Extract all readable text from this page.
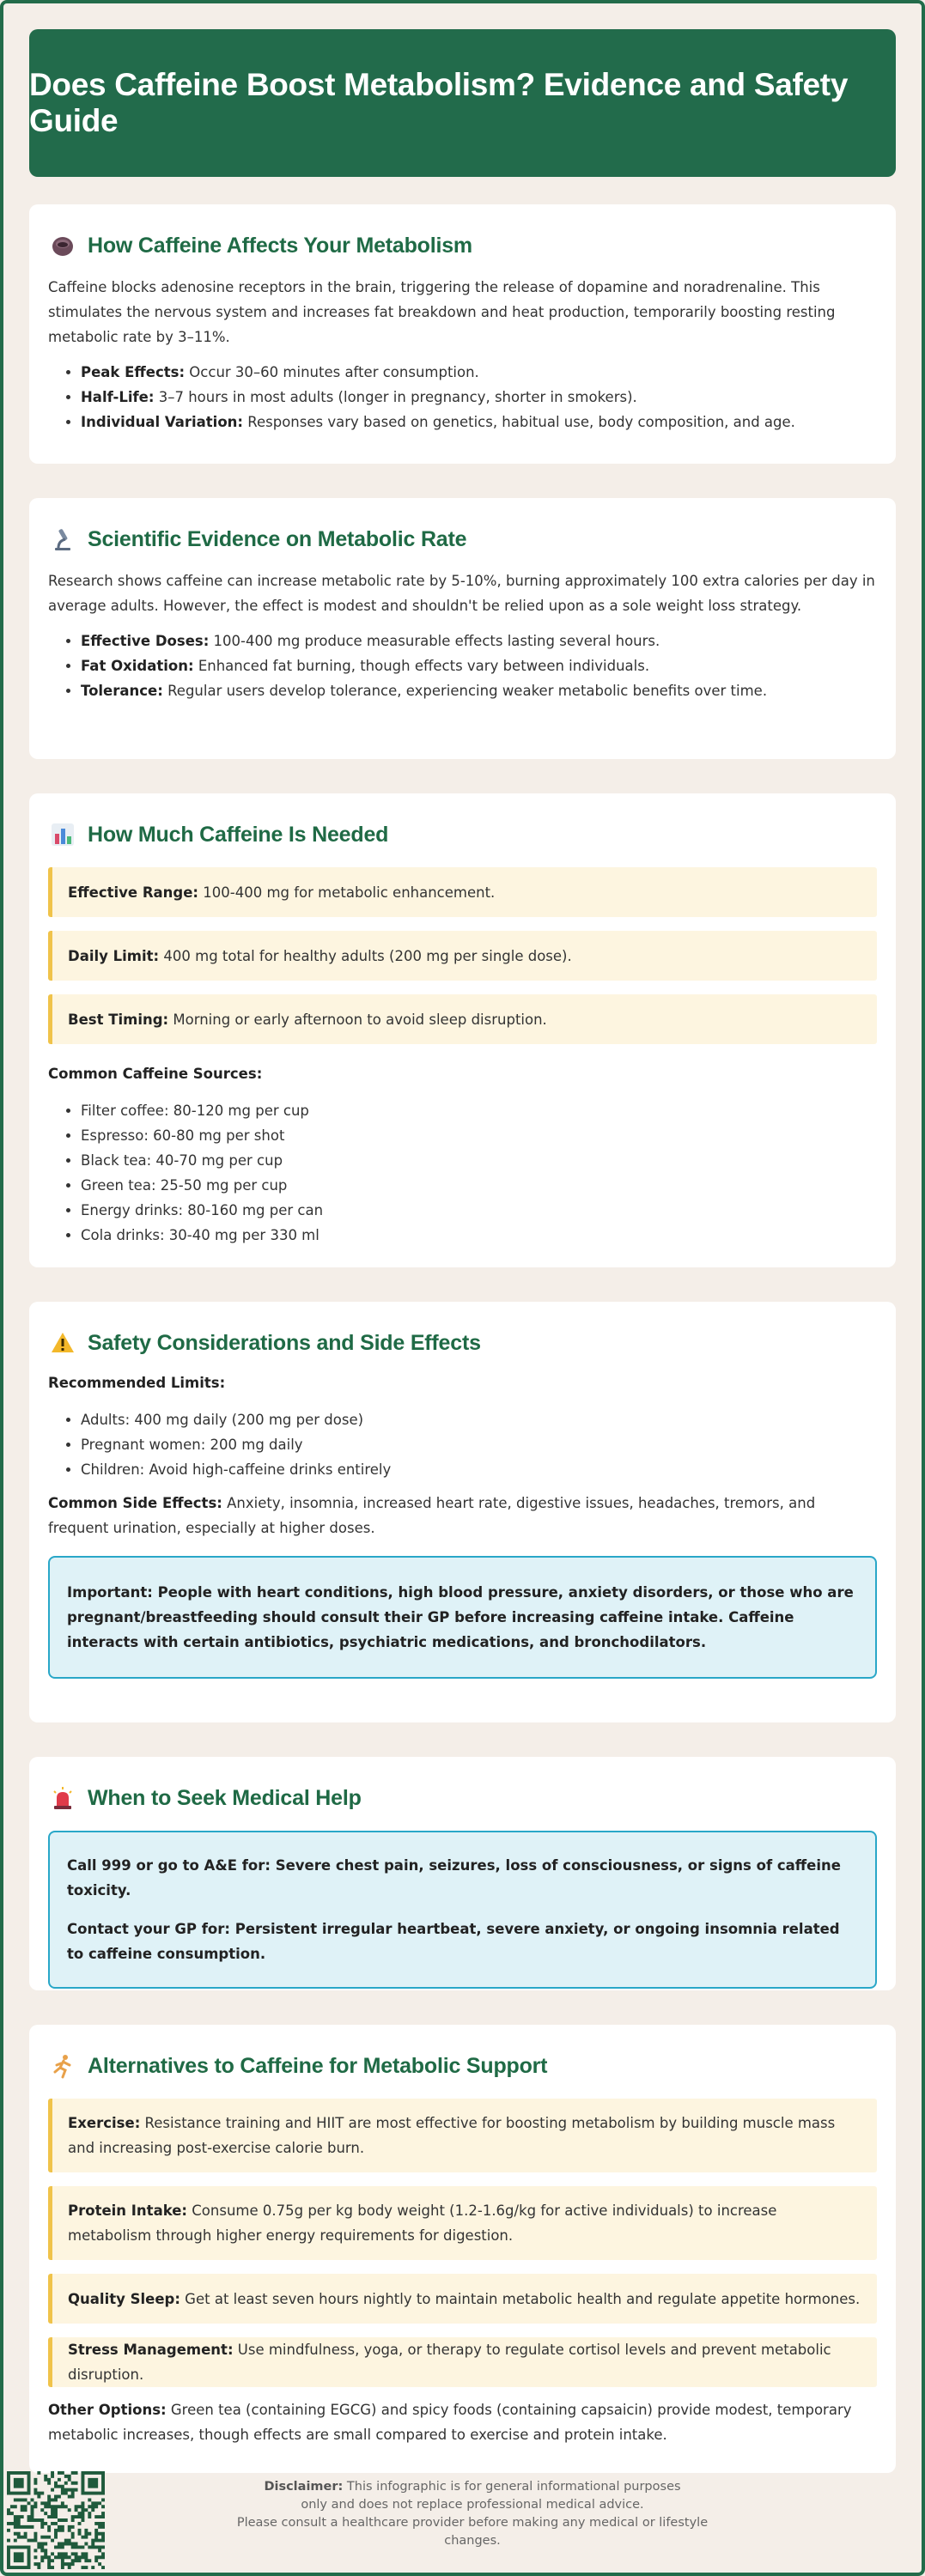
Does Caffeine Boost Metabolism? Evidence and Safety Guide
How Caffeine Affects Your Metabolism

Caffeine blocks adenosine receptors in the brain, triggering the release of dopamine and noradrenaline. This stimulates the nervous system and increases fat breakdown and heat production, temporarily boosting resting metabolic rate by 3–11%.

• Peak Effects: Occur 30–60 minutes after consumption.
• Half-Life: 3–7 hours in most adults (longer in pregnancy, shorter in smokers).
• Individual Variation: Responses vary based on genetics, habitual use, body composition, and age.
Scientific Evidence on Metabolic Rate

Research shows caffeine can increase metabolic rate by 5-10%, burning approximately 100 extra calories per day in average adults. However, the effect is modest and shouldn't be relied upon as a sole weight loss strategy.

• Effective Doses: 100-400 mg produce measurable effects lasting several hours.
• Fat Oxidation: Enhanced fat burning, though effects vary between individuals.
• Tolerance: Regular users develop tolerance, experiencing weaker metabolic benefits over time.
How Much Caffeine Is Needed
Effective Range: 100-400 mg for metabolic enhancement.
Daily Limit: 400 mg total for healthy adults (200 mg per single dose).
Best Timing: Morning or early afternoon to avoid sleep disruption.
Common Caffeine Sources:
• Filter coffee: 80-120 mg per cup
• Espresso: 60-80 mg per shot
• Black tea: 40-70 mg per cup
• Green tea: 25-50 mg per cup
• Energy drinks: 80-160 mg per can
• Cola drinks: 30-40 mg per 330 ml
Safety Considerations and Side Effects
Recommended Limits:
• Adults: 400 mg daily (200 mg per dose)
• Pregnant women: 200 mg daily
• Children: Avoid high-caffeine drinks entirely

Common Side Effects: Anxiety, insomnia, increased heart rate, digestive issues, headaches, tremors, and frequent urination, especially at higher doses.

Important: People with heart conditions, high blood pressure, anxiety disorders, or those who are pregnant/breastfeeding should consult their GP before increasing caffeine intake. Caffeine interacts with certain antibiotics, psychiatric medications, and bronchodilators.
When to Seek Medical Help
Call 999 or go to A&E for: Severe chest pain, seizures, loss of consciousness, or signs of caffeine toxicity.
Contact your GP for: Persistent irregular heartbeat, severe anxiety, or ongoing insomnia related to caffeine consumption.
Alternatives to Caffeine for Metabolic Support
Exercise: Resistance training and HIIT are most effective for boosting metabolism by building muscle mass and increasing post-exercise calorie burn.
Protein Intake: Consume 0.75g per kg body weight (1.2-1.6g/kg for active individuals) to increase metabolism through higher energy requirements for digestion.
Quality Sleep: Get at least seven hours nightly to maintain metabolic health and regulate appetite hormones.
Stress Management: Use mindfulness, yoga, or therapy to regulate cortisol levels and prevent metabolic disruption.

Other Options: Green tea (containing EGCG) and spicy foods (containing capsaicin) provide modest, temporary metabolic increases, though effects are small compared to exercise and protein intake.

Disclaimer: This infographic is for general informational purposes
only and does not replace professional medical advice.
Please consult a healthcare provider before making any medical or lifestyle changes.
